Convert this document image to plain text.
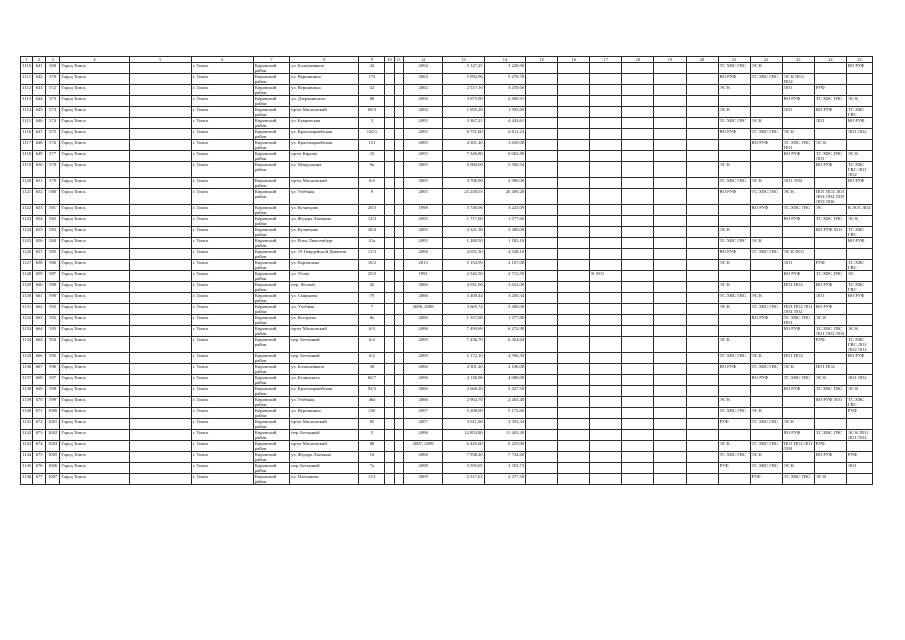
1	2	3	4	5	6	7	8	9	10	11	12	13	14	15	16	17	18	19	20	21	22	23	24	25
1110	641	569	Город Томск		г. Томск	Кировский район	ул. Большевиков	42			2004	3 127,25	3 226,96							ТС ХВС ГВС	ЭС К			ВО РУФ
1111	642	570	Город Томск		г. Томск	Кировский район	ул. Вершинина	17б			2004	5 992,96	5 270,78							ВО РУФ	ТС ХВС ГВС	ЭС К ПО1 ПО2		
1112	643	572	Город Томск		г. Томск	Кировский район	ул. Вершинина	32			2002	2 517,10	3 470,60							ЭС К		ЛО1	РУФ	
1113	644	573	Город Томск		г. Томск	Кировский район	ул. Дзержинского	88			2004	3 075,90	2 400,91									ВО РУФ	ТС ХВС ГВС	ЭС К
1114	645	573	Город Томск		г. Томск	Кировский район	пр-кт Московский	60/3			2004	1 695,20	1 595,60							ЭС К		ЛО1	ВО РУФ	ТС ХВС ГВС
1115	646	574	Город Томск		г. Томск	Кировский район	ул. Буяновская	3			2005	3 367,21	4 443,61							ТС ХВС ГВС	ЭС К		ЛО1	ВО РУФ
1116	647	575	Город Томск		г. Томск	Кировский район	ул. Красноармейская	120/1			2005	6 751,60	6 611,23							ВО РУФ	ТС ХВС ГВС	ЭС К		ЛО1 ЛО2
1117	648	576	Город Томск		г. Томск	Кировский район	ул. Красноармейская	151			2005	4 301,20	3 650,00								ВО РУФ	ТС ХВС ГВС ПО1	ЭС К	
1118	649	577	Город Томск		г. Томск	Кировский район	пр-кт Кирова	33			2005	7 326,80	6 062,80									ВО РУФ	ТС ХВС ГВС ЛО1	ЭС К
1119	650	578	Город Томск		г. Томск	Кировский район	ул. Мокрушина	9а			2005	6 060,00	5 560,54							ЭС К			ВО РУФ	ТС ХВС ГВС ЛО1 ЛО2
1120	651	579	Город Томск		г. Томск	Кировский район	пр-кт Московский	6/4			2005	3 706,90	2 980,00							ТС ХВС ГВС	ЭС К	ЛО1 ЛО2		ВО РУФ
1121	652	580	Город Томск		г. Томск	Кировский район	ул. Учебная	9			2005	23 258,03	20 409,20							ВО РУФ	ТС ХВС ГВС	ЭС К	ПО1 ПО2 ЛО1 ЛО4 ЛО2 ЛО5 ЛО3 ЛО6	
1122	653	581	Город Томск		г. Томск	Кировский район	ул. Кузнецова	20/3			1998	3 746,06	3 225,09								ВО РУФ	ТС ХВС ГВС	ЭС	К ЛО1 ЛО2
1123	654	582	Город Томск		г. Томск	Кировский район	ул. Федора Лыткина	12/3			2005	1 717,60	1 577,60									ВО РУФ	ТС ХВС ГВС	ЭС К
1124	655	583	Город Томск		г. Томск	Кировский район	ул. Кузнецова	20/4			2005	4 321,30	3 480,00							ЭС К			ВО РУФ ЛО1	ТС ХВС ГВС
1125	656	584	Город Томск		г. Томск	Кировский район	ул. Розы Люксембург	21а			2005	1 280,50	1 183,10							ТС ХВС ГВС	ЭС К			ВО РУФ
1126	657	585	Город Томск		г. Томск	Кировский район	ул. 19 Гвардейской Дивизии	11/3			2006	4 051,50	4 548,10							ВО РУФ	ТС ХВС ГВС	ЭС К ПО1		
1127	658	586	Город Томск		г. Томск	Кировский район	ул. Карташова	16/2			2013	5 154,99	4 107,00							ЭС К		ЛО1	РУФ	ТС ХВС ГВС
1128	659	587	Город Томск		г. Томск	Кировский район	ул. Усова	25/5			1991	2 542,50	2 715,50			К ЛО1						ВО РУФ	ТС ХВС ГВС	ЭС
1129	660	589	Город Томск		г. Томск	Кировский район	пер. Лесной	45			2006	4 051,60	3 652,00							ЭС К		ПО1 ПО2	ВО РУФ	ТС ХВС ГВС
1130	661	590	Город Томск		г. Томск	Кировский район	ул. Смирнова	79			2006	3 400,44	3 250,34							ТС ХВС ГВС	ЭС К		ЛО1	ВО РУФ
1131	662	592	Город Томск		г. Томск	Кировский район	ул. Учебная	7			2006, 2008	3 665,72	3 460,00							ЭС К	ТС ХВС ГВС	ПО1 ПО2 ЛО1 ЛО4 ЛО2	ВО РУФ	
1132	663	592	Город Томск		г. Томск	Кировский район	ул. Косарева	8а			2006	1 557,60	1 377,80								ВО РУФ	ТС ХВС ГВС ПО1	ЭС К	
1133	664	593	Город Томск		г. Томск	Кировский район	пр-кт Московский	6/3			2006	7 499,69	6 272,90									ВО РУФ	ТС ХВС ГВС ЛО1 ЛО2 ЛО3	ЭС К
1134	665	594	Город Томск		г. Томск	Кировский район	пер. Бетонный	6/4			2009	7 436,70	6 454,60							ЭС К			РУФ	ТС ХВС ГВС ЛО1 ЛО2 ЛО3
1135	666	595	Город Томск		г. Томск	Кировский район	пер. Бетонный	6/2			2009	5 172,10	4 596,50							ТС ХВС ГВС	ЭС К	ПО1 ПО2		ВО РУФ
1136	667	596	Город Томск		г. Томск	Кировский район	ул. Большевиков	38			2006	4 501,20	4 106,00							ВО РУФ	ТС ХВС ГВС	ЭС К	ПО1 ПО2	
1137	668	597	Город Томск		г. Томск	Кировский район	ул. Белинского	60/7			2006	4 136,96	4 080,00								ВО РУФ	ТС ХВС ГВС	ЭС К	ЛО1 ЛО2
1138	669	598	Город Томск		г. Томск	Кировский район	ул. Красноармейская	92/3			2006	2 668,20	2 427,50									ВО РУФ	ТС ХВС ГВС	ЭС К
1139	670	599	Город Томск		г. Томск	Кировский район	ул. Учебная	46а			2006	2 902,70	2 263,40							ЭС К			ВО РУФ ЛО1	ТС ХВС ГВС
1140	671	1000	Город Томск		г. Томск	Кировский район	ул. Вершинина	23б			2007	5 208,00	5 172,60							ТС ХВС ГВС	ЭС К			РУФ
1141	672	1001	Город Томск		г. Томск	Кировский район	пр-кт Московский	85			2007	3 611,90	3 593,34							РУФ	ТС ХВС ГВС	ЭС К		
1142	673	1002	Город Томск		г. Томск	Кировский район	пер. Бетонный	5			2006	12 853,80	11 265,20									ВО РУФ	ТС ХВС ГВС	ЭС К ПО1 ЛО1 ЛО2
1143	674	1004	Город Томск		г. Томск	Кировский район	пр-кт Московский	88			2007, 2008	6 445,60	6 255,00							ЭС К	ТС ХВС ГВС	ПО1 ПО2 ЛО1 ЛО4	РУФ	
1144	675	1005	Город Томск		г. Томск	Кировский район	ул. Федора Лыткина	16			2008	7 938,20	7 734,60							ТС ХВС ГВС	ЭС К		ВО РУФ	РУФ
1145	676	1006	Город Томск		г. Томск	Кировский район	пер. Бетонный	7а			2008	3 595,65	3 352,73							РУФ	ТС ХВС ГВС	ЭС К		ЛО1
1146	677	1007	Город Томск		г. Томск	Кировский район	ул. Плеханова	11/1			2009	2 517,61	2 377,50								РУФ	ТС ХВС ГВС	ЭС К	
